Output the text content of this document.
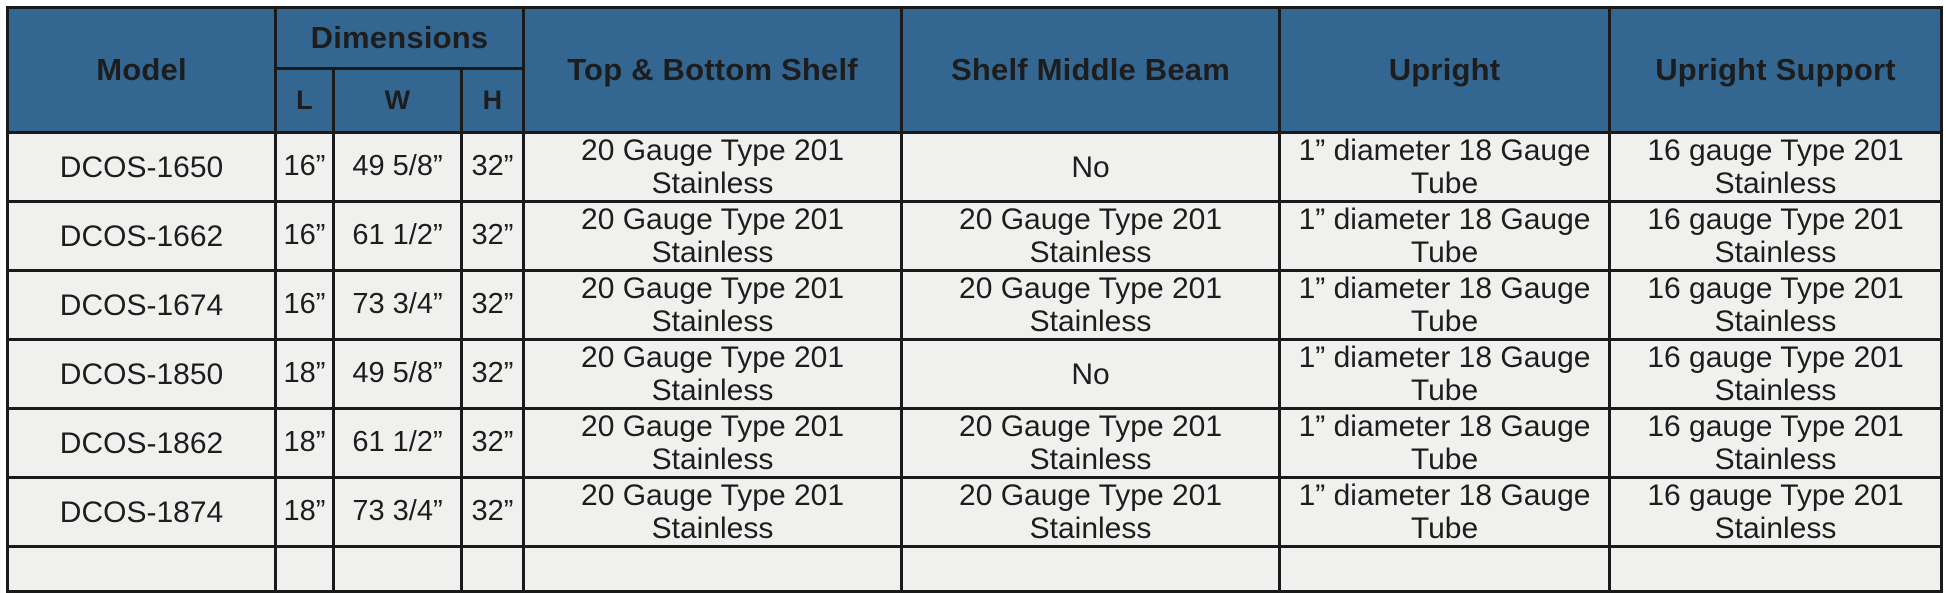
Model	Dimensions			Top & Bottom Shelf	Shelf Middle Beam	Upright	Upright Support
	L	W	H				
DCOS-1650	16”	49 5/8”	32”	20 Gauge Type 201 Stainless	No	1” diameter 18 Gauge Tube	16 gauge Type 201 Stainless
DCOS-1662	16”	61 1/2”	32”	20 Gauge Type 201 Stainless	20 Gauge Type 201 Stainless	1” diameter 18 Gauge Tube	16 gauge Type 201 Stainless
DCOS-1674	16”	73 3/4”	32”	20 Gauge Type 201 Stainless	20 Gauge Type 201 Stainless	1” diameter 18 Gauge Tube	16 gauge Type 201 Stainless
DCOS-1850	18”	49 5/8”	32”	20 Gauge Type 201 Stainless	No	1” diameter 18 Gauge Tube	16 gauge Type 201 Stainless
DCOS-1862	18”	61 1/2”	32”	20 Gauge Type 201 Stainless	20 Gauge Type 201 Stainless	1” diameter 18 Gauge Tube	16 gauge Type 201 Stainless
DCOS-1874	18”	73 3/4”	32”	20 Gauge Type 201 Stainless	20 Gauge Type 201 Stainless	1” diameter 18 Gauge Tube	16 gauge Type 201 Stainless
